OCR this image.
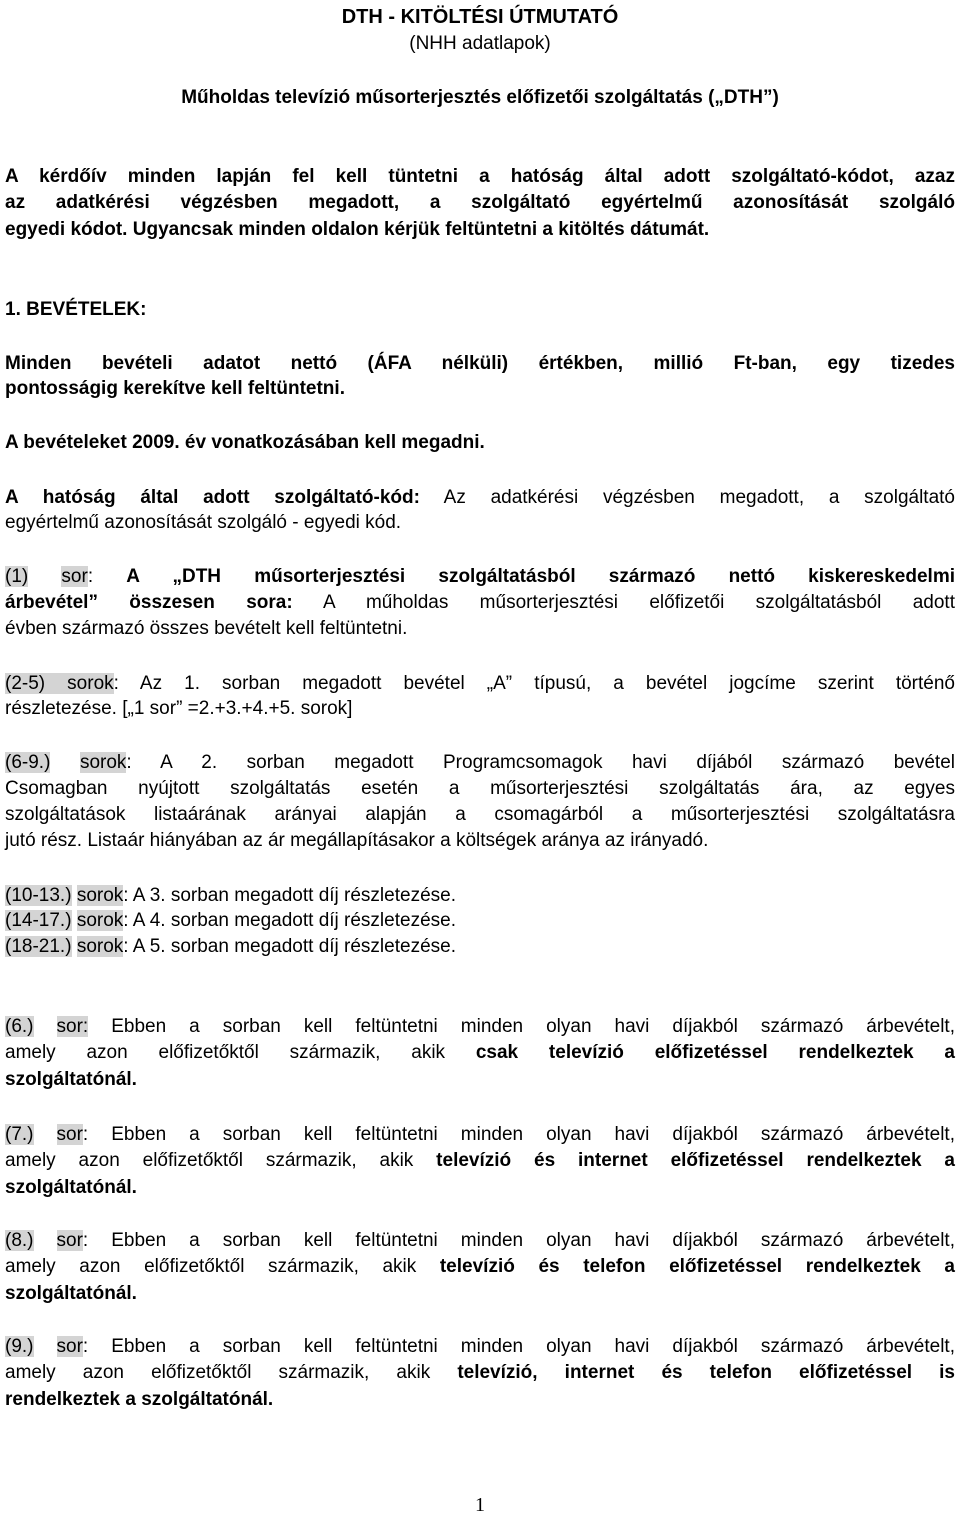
DTH - KITÖLTÉSI ÚTMUTATÓ
(NHH adatlapok)
Műholdas televízió műsorterjesztés előfizetői szolgáltatás („DTH”)
A kérdőív minden lapján fel kell tüntetni a hatóság által adott szolgáltató-kódot, azaz
az adatkérési végzésben megadott, a szolgáltató egyértelmű azonosítását szolgáló
egyedi kódot. Ugyancsak minden oldalon kérjük feltüntetni a kitöltés dátumát.
1. BEVÉTELEK:
Minden bevételi adatot nettó (ÁFA nélküli) értékben, millió Ft-ban, egy tizedes
pontosságig kerekítve kell feltüntetni.
A bevételeket 2009. év vonatkozásában kell megadni.
A hatóság által adott szolgáltató-kód: Az adatkérési végzésben megadott, a szolgáltató
egyértelmű azonosítását szolgáló - egyedi kód.
(1) sor: A „DTH műsorterjesztési szolgáltatásból származó nettó kiskereskedelmi
árbevétel” összesen sora: A műholdas műsorterjesztési előfizetői szolgáltatásból adott
évben származó összes bevételt kell feltüntetni.
(2-5) sorok: Az 1. sorban megadott bevétel „A” típusú, a bevétel jogcíme szerint történő
részletezése. [„1 sor” =2.+3.+4.+5. sorok]
(6-9.) sorok: A 2. sorban megadott Programcsomagok havi díjából származó bevétel
Csomagban nyújtott szolgáltatás esetén a műsorterjesztési szolgáltatás ára, az egyes
szolgáltatások listaárának arányai alapján a csomagárból a műsorterjesztési szolgáltatásra
jutó rész. Listaár hiányában az ár megállapításakor a költségek aránya az irányadó.
(10-13.) sorok: A 3. sorban megadott díj részletezése.
(14-17.) sorok: A 4. sorban megadott díj részletezése.
(18-21.) sorok: A 5. sorban megadott díj részletezése.
(6.) sor: Ebben a sorban kell feltüntetni minden olyan havi díjakból származó árbevételt,
amely azon előfizetőktől származik, akik csak televízió előfizetéssel rendelkeztek a
szolgáltatónál.
(7.) sor: Ebben a sorban kell feltüntetni minden olyan havi díjakból származó árbevételt,
amely azon előfizetőktől származik, akik televízió és internet előfizetéssel rendelkeztek a
szolgáltatónál.
(8.) sor: Ebben a sorban kell feltüntetni minden olyan havi díjakból származó árbevételt,
amely azon előfizetőktől származik, akik televízió és telefon előfizetéssel rendelkeztek a
szolgáltatónál.
(9.) sor: Ebben a sorban kell feltüntetni minden olyan havi díjakból származó árbevételt,
amely azon előfizetőktől származik, akik televízió, internet és telefon előfizetéssel is
rendelkeztek a szolgáltatónál.
1
